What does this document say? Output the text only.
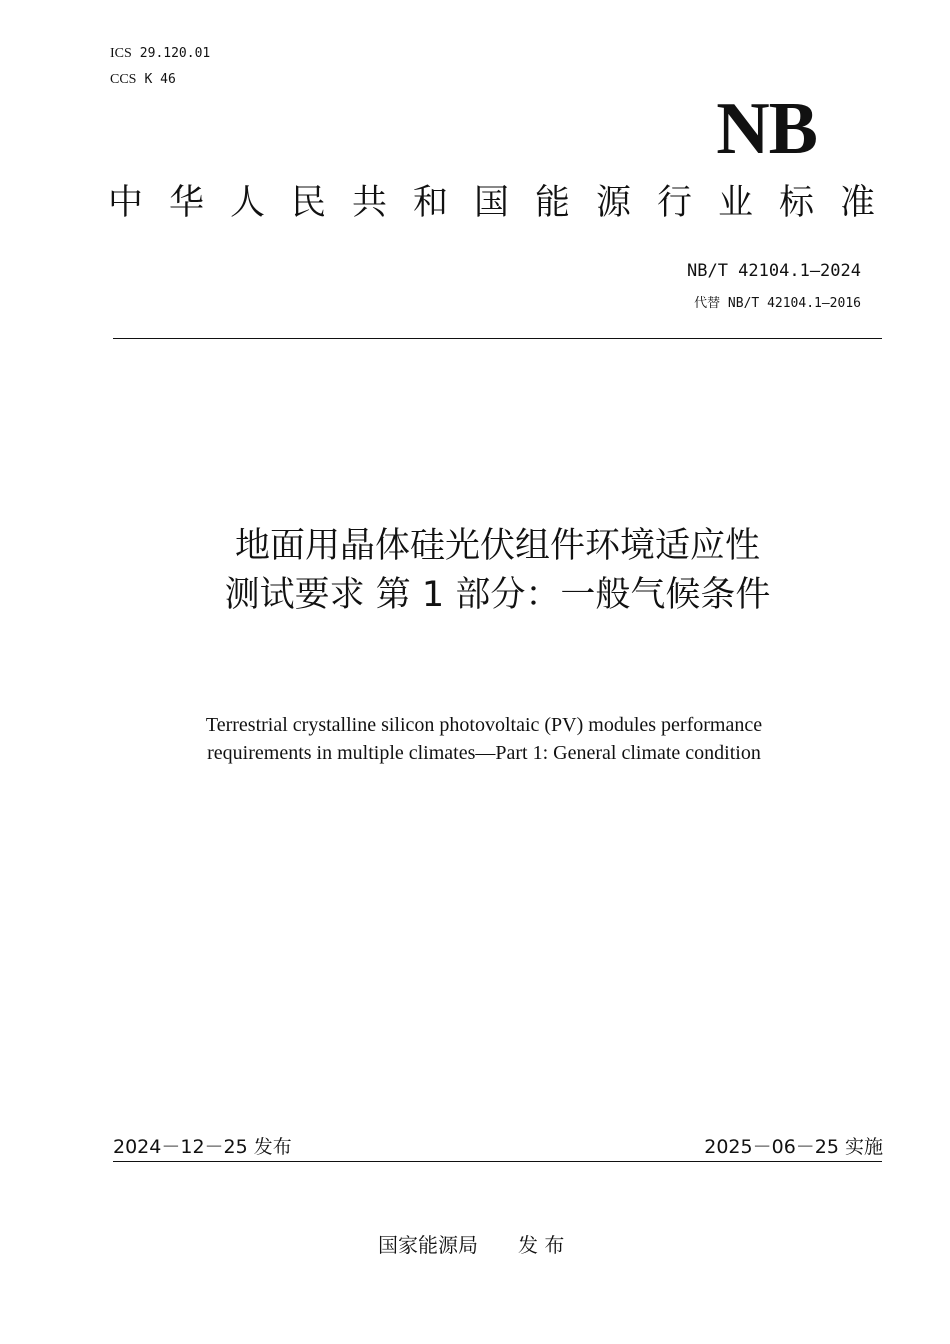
ICS 29.120.01
CCS K 46
NB
中华人民共和国能源行业标准
NB/T 42104.1—2024
代替 NB/T 42104.1—2016
地面用晶体硅光伏组件环境适应性
测试要求 第 1 部分：一般气候条件
Terrestrial crystalline silicon photovoltaic (PV) modules performance
requirements in multiple climates—Part 1: General climate condition
2024－12－25 发布	2025－06－25 实施
国家能源局　　发 布
